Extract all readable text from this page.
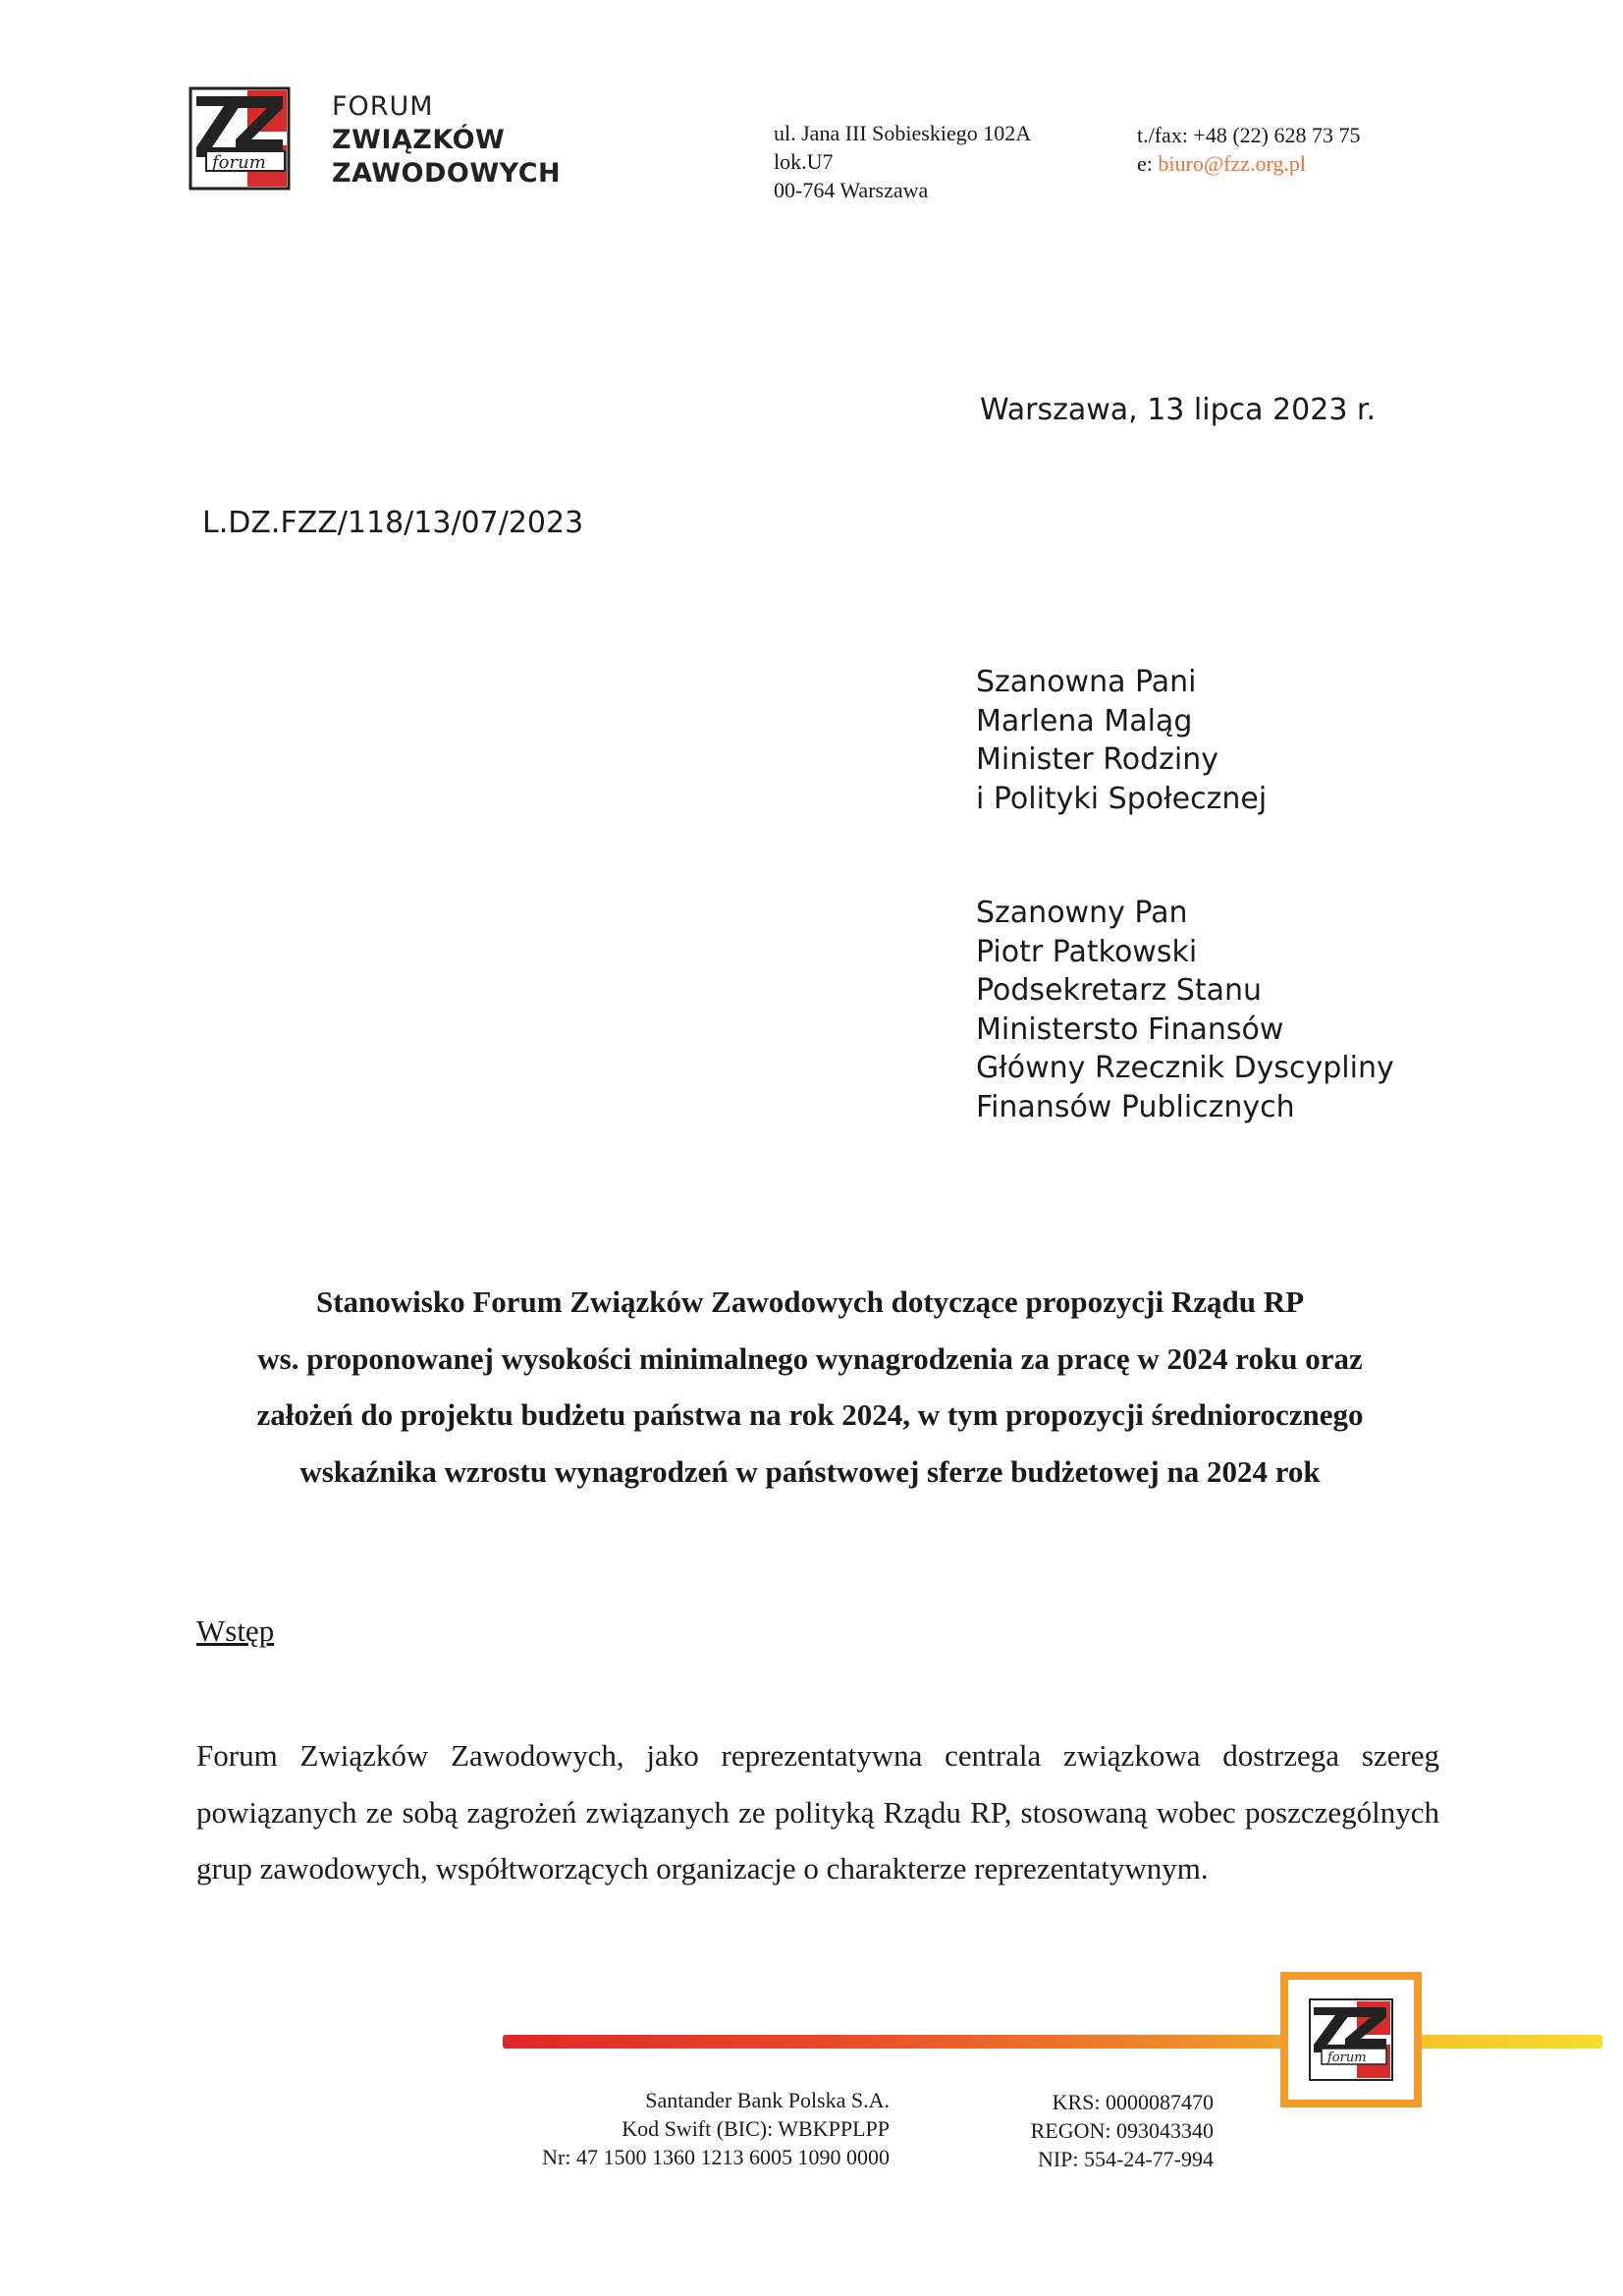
forum
FORUM
ZWIĄZKÓW
ZAWODOWYCH
ul. Jana III Sobieskiego 102A
lok.U7
00-764 Warszawa
t./fax: +48 (22) 628 73 75
e: biuro@fzz.org.pl
Warszawa, 13 lipca 2023 r.
L.DZ.FZZ/118/13/07/2023
Szanowna Pani
Marlena Maląg
Minister Rodziny
i Polityki Społecznej
Szanowny Pan
Piotr Patkowski
Podsekretarz Stanu
Ministersto Finansów
Główny Rzecznik Dyscypliny
Finansów Publicznych
Stanowisko Forum Związków Zawodowych dotyczące propozycji Rządu RP
ws. proponowanej wysokości minimalnego wynagrodzenia za pracę w 2024 roku oraz
założeń do projektu budżetu państwa na rok 2024, w tym propozycji średniorocznego
wskaźnika wzrostu wynagrodzeń w państwowej sferze budżetowej na 2024 rok
Wstęp
Forum Związków Zawodowych, jako reprezentatywna centrala związkowa dostrzega szereg powiązanych ze sobą zagrożeń związanych ze polityką Rządu RP, stosowaną wobec poszczególnych grup zawodowych, współtworzących organizacje o charakterze reprezentatywnym.
forum
Santander Bank Polska S.A.
Kod Swift (BIC): WBKPPLPP
Nr: 47 1500 1360 1213 6005 1090 0000
KRS: 0000087470
REGON: 093043340
NIP: 554-24-77-994
